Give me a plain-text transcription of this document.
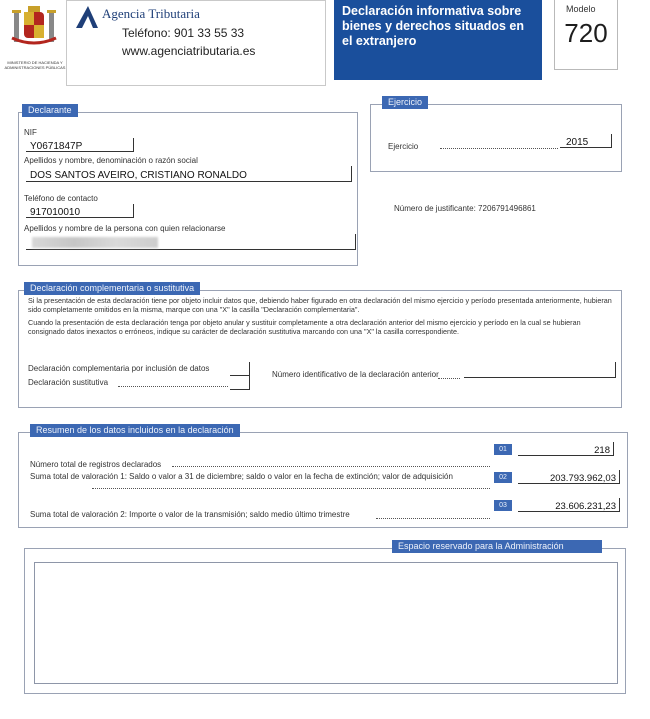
MINISTERIO DE HACIENDA Y ADMINISTRACIONES PÚBLICAS
Agencia Tributaria
Teléfono: 901 33 55 33
www.agenciatributaria.es
Declaración informativa sobre bienes y derechos situados en el extranjero
Modelo
720
Declarante
NIF
Y0671847P
Apellidos y nombre, denominación o razón social
DOS SANTOS AVEIRO, CRISTIANO RONALDO
Teléfono de contacto
917010010
Apellidos y nombre de la persona con quien relacionarse
Ejercicio
Ejercicio	2015
Número de justificante: 7206791496861
Declaración complementaria o sustitutiva
Si la presentación de esta declaración tiene por objeto incluir datos que, debiendo haber figurado en otra declaración del mismo ejercicio y período presentada anteriormente, hubieran sido completamente omitidos en la misma, marque con una "X" la casilla "Declaración complementaria".
Cuando la presentación de esta declaración tenga por objeto anular y sustituir completamente a otra declaración anterior del mismo ejercicio y período en la cual se hubieran consignado datos inexactos o erróneos, indique su carácter de declaración sustitutiva marcando con una "X" la casilla correspondiente.
Declaración complementaria por inclusión de datos
Declaración sustitutiva
Número identificativo de la declaración anterior
Resumen de los datos incluidos en la declaración
Número total de registros declarados
01	218
Suma total de valoración 1: Saldo o valor a 31 de diciembre; saldo o valor en la fecha de extinción; valor de adquisición	02	203.793.962,03
Suma total de valoración 2: Importe o valor de la transmisión; saldo medio último trimestre
03	23.606.231,23
Espacio reservado para la Administración
